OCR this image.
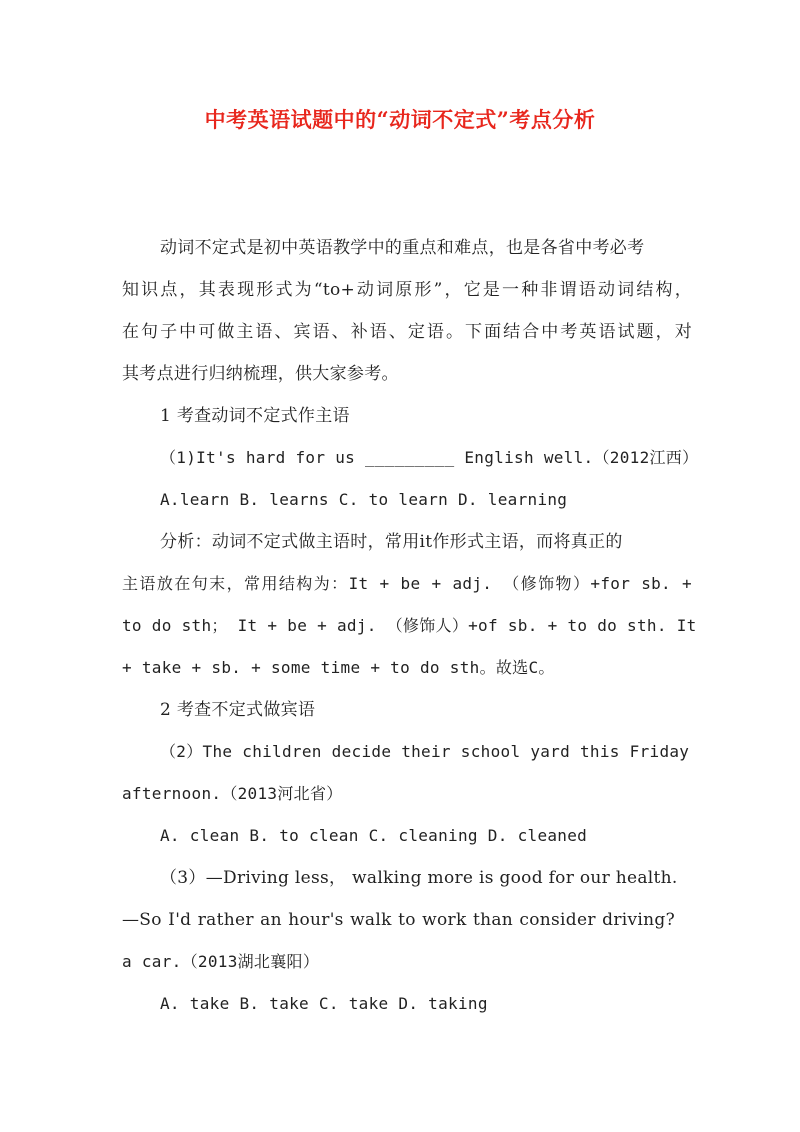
中考英语试题中的“动词不定式”考点分析
动词不定式是初中英语教学中的重点和难点，也是各省中考必考
知识点，其表现形式为“to+动词原形”，它是一种非谓语动词结构，
在句子中可做主语、宾语、补语、定语。下面结合中考英语试题，对
其考点进行归纳梳理，供大家参考。
1 考查动词不定式作主语
（1)It's hard for us _________ English well.（2012江西）
A.learn B. learns C. to learn D. learning
分析：动词不定式做主语时，常用it作形式主语，而将真正的
主语放在句末，常用结构为：It + be + adj. （修饰物）+for sb. +
to do sth； It + be + adj. （修饰人）+of sb. + to do sth. It
+ take + sb. + some time + to do sth。故选C。
2 考查不定式做宾语
（2）The children decide their school yard this Friday
afternoon.（2013河北省）
A. clean B. to clean C. cleaning D. cleaned
（3）—Driving less， walking more is good for our health.
—So I'd rather an hour's walk to work than consider driving?
a car.（2013湖北襄阳）
A. take B. take C. take D. taking
